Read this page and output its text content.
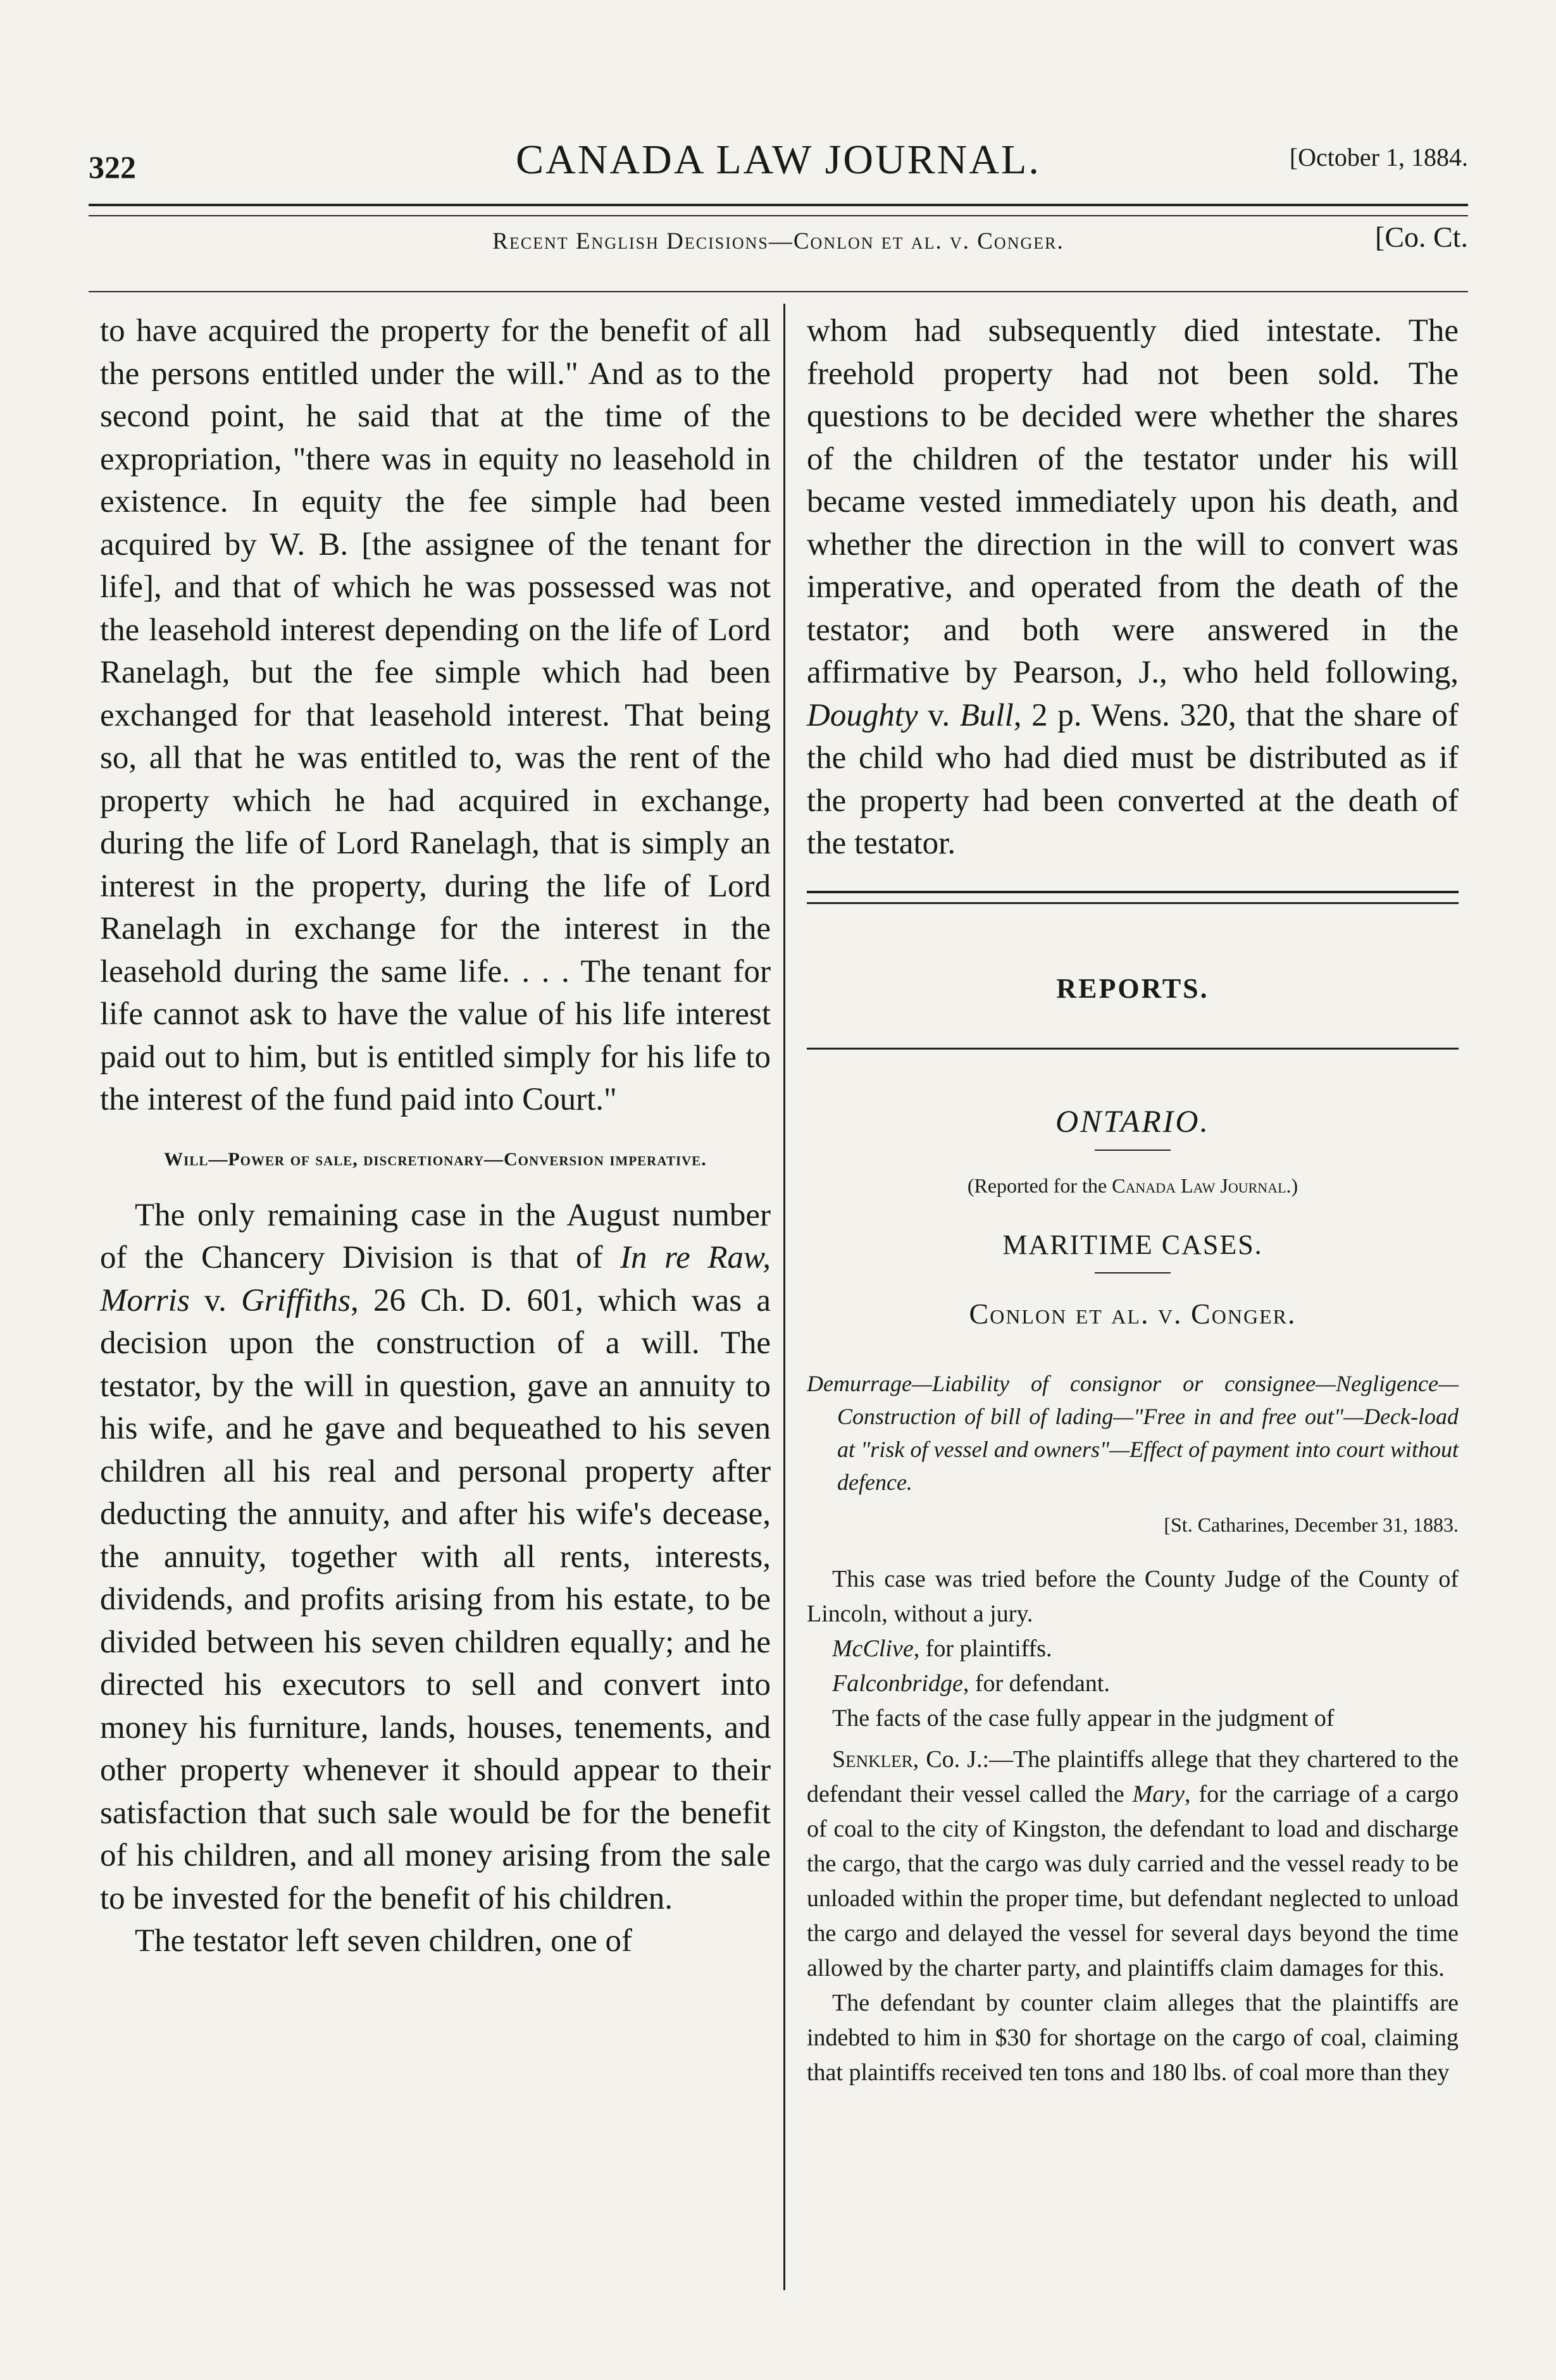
322	CANADA LAW JOURNAL.	[October 1, 1884.
Recent English Decisions—Conlon et al. v. Conger.	[Co. Ct.

to have acquired the property for the benefit of all the persons entitled under the will." And as to the second point, he said that at the time of the expropriation, "there was in equity no leasehold in existence. In equity the fee simple had been acquired by W. B. [the assignee of the tenant for life], and that of which he was possessed was not the leasehold interest depending on the life of Lord Ranelagh, but the fee simple which had been exchanged for that leasehold interest. That being so, all that he was entitled to, was the rent of the property which he had acquired in exchange, during the life of Lord Ranelagh, that is simply an interest in the property, during the life of Lord Ranelagh in exchange for the interest in the leasehold during the same life. . . . The tenant for life cannot ask to have the value of his life interest paid out to him, but is entitled simply for his life to the interest of the fund paid into Court."

Will—Power of sale, discretionary—Conversion imperative.

The only remaining case in the August number of the Chancery Division is that of In re Raw, Morris v. Griffiths, 26 Ch. D. 601, which was a decision upon the construction of a will. The testator, by the will in question, gave an annuity to his wife, and he gave and bequeathed to his seven children all his real and personal property after deducting the annuity, and after his wife's decease, the annuity, together with all rents, interests, dividends, and profits arising from his estate, to be divided between his seven children equally; and he directed his executors to sell and convert into money his furniture, lands, houses, tenements, and other property whenever it should appear to their satisfaction that such sale would be for the benefit of his children, and all money arising from the sale to be invested for the benefit of his children.

The testator left seven children, one of

whom had subsequently died intestate. The freehold property had not been sold. The questions to be decided were whether the shares of the children of the testator under his will became vested immediately upon his death, and whether the direction in the will to convert was imperative, and operated from the death of the testator; and both were answered in the affirmative by Pearson, J., who held following, Doughty v. Bull, 2 p. Wens. 320, that the share of the child who had died must be distributed as if the property had been converted at the death of the testator.

REPORTS.
ONTARIO.
(Reported for the Canada Law Journal.)
MARITIME CASES.
Conlon et al. v. Conger.
Demurrage—Liability of consignor or consignee—Negligence—Construction of bill of lading—"Free in and free out"—Deck-load at "risk of vessel and owners"—Effect of payment into court without defence.
[St. Catharines, December 31, 1883.

This case was tried before the County Judge of the County of Lincoln, without a jury.

McClive, for plaintiffs.

Falconbridge, for defendant.

The facts of the case fully appear in the judgment of

Senkler, Co. J.:—The plaintiffs allege that they chartered to the defendant their vessel called the Mary, for the carriage of a cargo of coal to the city of Kingston, the defendant to load and discharge the cargo, that the cargo was duly carried and the vessel ready to be unloaded within the proper time, but defendant neglected to unload the cargo and delayed the vessel for several days beyond the time allowed by the charter party, and plaintiffs claim damages for this.

The defendant by counter claim alleges that the plaintiffs are indebted to him in $30 for shortage on the cargo of coal, claiming that plaintiffs received ten tons and 180 lbs. of coal more than they
